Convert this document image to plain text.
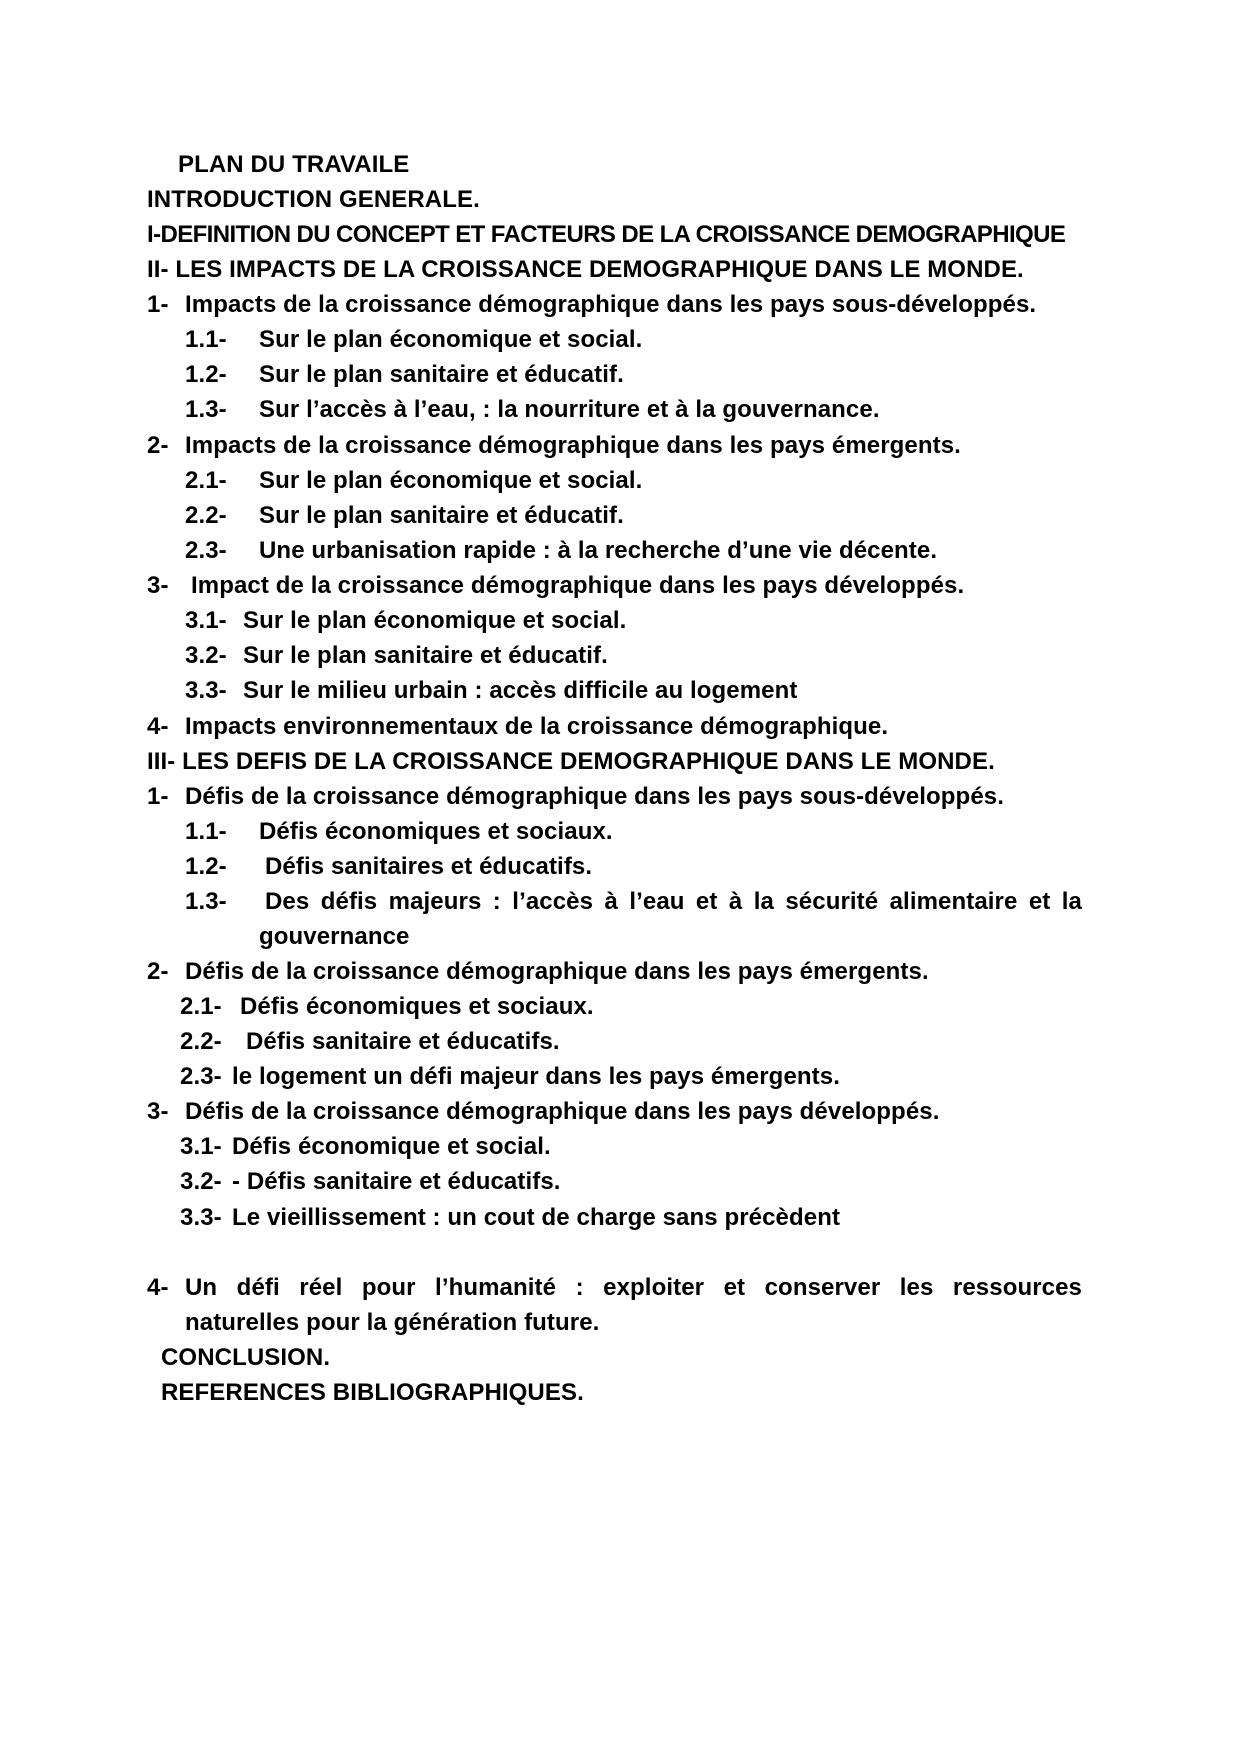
PLAN DU TRAVAILE
INTRODUCTION GENERALE.
I-DEFINITION DU CONCEPT ET FACTEURS DE LA CROISSANCE DEMOGRAPHIQUE
II- LES IMPACTS DE LA CROISSANCE DEMOGRAPHIQUE DANS LE MONDE.
1- Impacts de la croissance démographique dans les pays sous-développés.
1.1- Sur le plan économique et social.
1.2- Sur le plan sanitaire et éducatif.
1.3- Sur l’accès à l’eau, : la nourriture et à la gouvernance.
2- Impacts de la croissance démographique dans les pays émergents.
2.1- Sur le plan économique et social.
2.2- Sur le plan sanitaire et éducatif.
2.3- Une urbanisation rapide : à la recherche d’une vie décente.
3- Impact de la croissance démographique dans les pays développés.
3.1- Sur le plan économique et social.
3.2- Sur le plan sanitaire et éducatif.
3.3- Sur le milieu urbain : accès difficile au logement
4- Impacts environnementaux de la croissance démographique.
III- LES DEFIS DE LA CROISSANCE DEMOGRAPHIQUE DANS LE MONDE.
1- Défis de la croissance démographique dans les pays sous-développés.
1.1- Défis économiques et sociaux.
1.2- Défis sanitaires et éducatifs.
1.3- Des défis majeurs : l’accès à l’eau et à la sécurité alimentaire et la
gouvernance
2- Défis de la croissance démographique dans les pays émergents.
2.1- Défis économiques et sociaux.
2.2- Défis sanitaire et éducatifs.
2.3- le logement un défi majeur dans les pays émergents.
3- Défis de la croissance démographique dans les pays développés.
3.1- Défis économique et social.
3.2- - Défis sanitaire et éducatifs.
3.3- Le vieillissement : un cout de charge sans précèdent
4- Un défi réel pour l’humanité : exploiter et conserver les ressources
naturelles pour la génération future.
CONCLUSION.
REFERENCES BIBLIOGRAPHIQUES.
